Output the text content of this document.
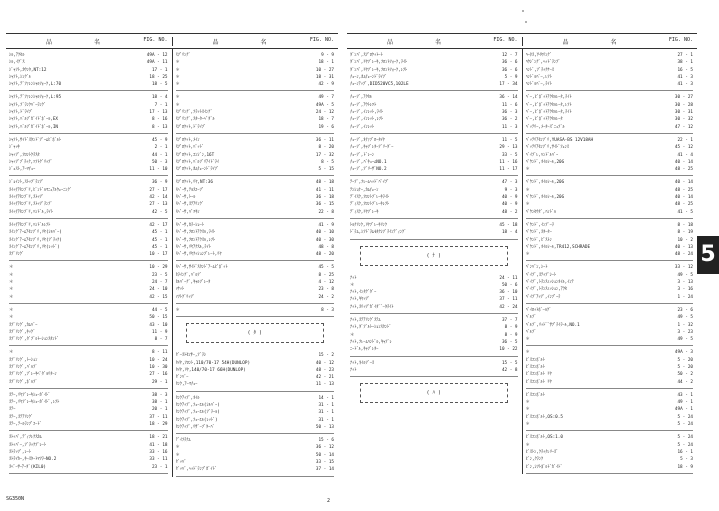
品　名	FIG. NO.	品　名	FIG. NO.
ｼﾙ,ｱｸｾﾙ	49A - 12
ｼﾙ,ｲｸﾞｽ	49A - 11
ｼﾞｬﾌﾄ,ｶｳﾝﾀ,NT:12	17 - 1
ｼｬﾌﾄ,ｼﾝｸﾞﾙ	18 - 25
ｼｬﾌﾄ,ﾃﾞﾌｧﾚﾝｼｬﾙﾌｫｰｸ,L:70	18 - 5
ｼｬﾌﾄ,ﾃﾞﾌｧﾚﾝｼｬﾙﾌｫｰｸ,L:95	18 - 4
ｼｬﾌﾄ,ﾌﾞﾗﾝｸﾊﾞｰﾗﾝｸﾞ	7 - 1
ｼｬﾌﾄ,ﾄﾞﾗｲﾌﾞ	17 - 13
ｼｬﾌﾄ,ﾊﾞﾙﾌﾞｶﾞｲﾄﾞﾎﾞｰﾙ,EX	8 - 16
ｼｬﾌﾄ,ﾊﾞﾙﾌﾞｶﾞｲﾄﾞﾎﾞｰﾙ,IN	8 - 13
ｼｬﾌﾄ,ｻｲﾄﾞｽﾀﾝﾄﾞﾌﾟｰﾑﾋﾞﾎﾞﾙﾄ	45 - 9
ｼﾞｬｯｷ	2 - 1
ｼｬｯﾌﾟ,ﾌﾛﾝﾄｸﾗｽﾀ	44 - 1
ｼｬｯﾌﾟﾌﾞﾗｯｸ,ｿﾌﾄｸﾞﾘｯﾌﾟ	50 - 3
ｼﾞｪｽﾄ,ｱｰﾏﾁｭｰ	11 - 10
ｼﾞｮｲﾝﾄ,ｽﾄｯﾌﾟﾗﾝﾌﾟ	36 - 9
ｽｲｯﾁｱｾﾝﾌﾞﾘ,ﾋﾞﾝﾄﾞﾙﾏﾆｭｱﾙｳｪｰﾆﾝｸﾞ	27 - 17
ｽｲｯﾁｱｾﾝﾌﾞﾘ,ｽﾄｯﾌﾟ	42 - 14
ｽｲｯﾁｱｾﾝﾌﾞﾘ,ｽﾄｯﾌﾟﾗﾝﾌﾟ	27 - 13
ｽｲｯﾁｱｾﾝﾌﾞﾘ,ﾊﾝﾄﾞﾙ,ﾗｲﾄ	42 - 5
ｽｲｯﾁｱｾﾝﾌﾞﾘ,ﾊﾝﾄﾞﾙﾚﾌﾄ	42 - 17
ｽｲﾝｸﾞｱｰﾑｱｾﾝﾌﾞﾘ,ﾘﾔ(ｼﾙﾊﾞｰ)	45 - 1
ｽｲﾝｸﾞｱｰﾑｱｾﾝﾌﾞﾘ,ﾘﾔ(ﾌﾞﾗｯｸ)	45 - 1
ｽｲﾝｸﾞｱｰﾑｱｾﾝﾌﾞﾘ,ﾘﾔ(ﾚｯﾄﾞ)	45 - 1
ｽﾌﾟﾘﾝｸﾞ	10 - 17
＊	10 - 29
＊	23 - 5
＊	24 - 7
＊	24 - 10
＊	42 - 15
＊	44 - 5
＊	50 - 15
ｽﾌﾟﾘﾝｸﾞ,ｶﾑﾊﾞｰ	43 - 10
ｽﾌﾟﾘﾝｸﾞ,ｷｯｸﾞ	11 - 9
ｽﾌﾟﾘﾝｸﾞ,ﾀﾞﾌﾞﾙﾄｰｼｮﾝｽﾀﾝﾄﾞ	8 - 7
＊	8 - 11
ｽﾌﾟﾘﾝｸﾞ,ﾄｰｼｮﾝ	10 - 24
ｽﾌﾟﾘﾝｸﾞ,ﾊﾞﾙﾌﾞ	10 - 30
ｽﾌﾟﾘﾝｸﾞ,ﾌﾞﾚｰｷﾍﾟﾀﾞﾙﾘﾀｰﾝ	27 - 16
ｽﾌﾟﾘﾝｸﾞ,ﾎﾞﾙﾌﾞ	29 - 1
ｽﾃｰ,ﾘﾔﾌﾞﾚｰｷｼｭｰｶﾞｲﾄﾞ	38 - 3
ｽﾃｰ,ﾘﾔﾌﾞﾚｰｷｼｭｰｶﾞｲﾄﾞ,ﾚﾌﾄ	38 - 1
ｽﾃｰ	20 - 1
ｽﾃｰ,ｽﾃｱﾘﾝｸﾞ	37 - 11
ｽﾃｰ,ﾃｰﾙﾗﾝﾌﾟｺｰﾄﾞ	18 - 29
ｽﾄｯﾊﾟ,ﾃﾞｨﾌﾚｸｽｶﾑ	18 - 21
ｽﾄｯﾊﾟｰ,ﾌﾞﾗｯｸﾌﾟﾚｰﾄ	41 - 18
ｽﾄﾗｯﾌﾟ,ﾚｰﾄ	33 - 16
ｽﾄﾗｲｶｰ,ｷｰｽﾀｰﾄﾏﾌﾗｰNO.2	33 - 11
ｽﾍﾟｰｻｰｱｰﾀﾞ(KIL0)	23 - 1
ｽﾌﾟﾘﾝｸﾞ	9 - 9
＊	18 - 1
＊	10 - 27
＊	18 - 31
＊	42 - 9
＊	49 - 7
＊	49A - 5
ｽﾌﾟﾘﾝｸﾞ,ﾌﾗｯﾄｽｲﾝｸﾞ	24 - 12
ｽﾌﾟﾘﾝｸﾞ,ｽﾀｰﾀｰﾍﾟﾀﾞﾙ	18 - 7
ｽﾌﾟﾛｹｯﾄ,ﾄﾞﾗｲﾌﾞ	19 - 6
ｽﾌﾟﾛｹｯﾄ,ﾒｲﾝ	36 - 11
ｽﾌﾟﾛｹｯﾄ,ﾊﾟｯﾄﾞ	8 - 20
ｽﾌﾟﾛｹｯﾄ,ｴﾝｼﾞﾝ,16T	17 - 32
ｽﾌﾟﾛｹｯﾄ,ﾊﾞﾙﾌﾞﾘｱｲﾄﾞﾗｲ	8 - 5
ｽﾌﾟﾛｹｯﾄ,ｶﾑﾁｪｰﾝﾄﾞﾗｲﾌﾞ	5 - 15
ｽﾌﾟﾛｹｯﾄ,ﾘﾔ,NT:36	48 - 18
ｽﾍﾟｰｻ,ﾃﾙｽｺｰﾌﾟ	41 - 11
ｽﾍﾟｰｻ,ﾄｰﾙ	36 - 18
ｽﾍﾟｰｻ,ｽﾃｱﾘﾝｸﾞ	36 - 15
ｽﾍﾟｰｻ,ﾊﾟﾂｷﾝ	22 - 8
ｽﾍﾟｰｻ,ｶﾗｰｼｮｰﾄ	41 - 9
ｽﾍﾟｰｻ,ﾌﾛﾝﾄｱｸｽﾙ,ﾗｲﾄ	40 - 10
ｽﾍﾟｰｻ,ﾌﾛﾝﾄｱｸｽﾙ,ﾚﾌﾄ	40 - 30
ｽﾍﾟｰｻ,ﾘﾔｱｸｽﾙ,ﾗｲﾄ	48 - 8
ｽﾍﾟｰｻ,ﾘﾔｸｯｼｮﾝﾌﾟﾚｰﾄ,ﾘﾔ	48 - 20
ｽﾍﾟｰｻ,ｻｲﾄﾞｽﾀﾝﾄﾞｱｰﾑﾋﾟﾎﾞｯﾄ	45 - 5
ｾﾗｲﾝｸﾞ,ﾊﾟﾙﾌﾞ	8 - 25
ｾﾙﾊﾟｰｸﾞ,ｷｬﾙﾌﾞﾚｰﾀ	4 - 12
ｿｹｯﾄ	23 - 8
ｿﾌﾄｸﾞﾘｯﾌﾟ	24 - 2
＊	8 - 3
( ﾀ )
ﾀﾞｰｽﾄｾﾝｻｰ,ﾌﾞﾗｼ	15 - 2
ﾀｲﾔ,ﾌﾛﾝﾄ,110/70-17 54H(DUNLOP)	40 - 12
ﾀｲﾔ,ﾘﾔ,140/70-17 66H(DUNLOP)	48 - 23
ﾀﾞﾝﾊﾟｰ	42 - 21
ﾀﾝｸ,ｱｰﾏﾁｭｰ	11 - 13
ﾀﾝｸｱｯﾌﾟ,ｵｲﾙ	14 - 1
ﾀﾝｸｱｯﾌﾟ,ﾌｭｰｴﾙ(ｼﾙﾊﾞｰ)	31 - 1
ﾀﾝｸｱｯﾌﾟ,ﾌｭｰｴﾙ(ﾌﾞﾗｰﾙ)	31 - 1
ﾀﾝｸｱｯﾌﾟ,ﾌｭｰｴﾙ(ﾚｯﾄﾞ)	31 - 1
ﾀﾝｸｱｯﾌﾟ,ﾘｻﾞｰﾌﾞﾀｰﾊﾞ	50 - 13
ﾃﾞｲﾌﾗｸﾑ	15 - 6
＊	36 - 12
＊	50 - 14
ﾀﾞｯﾊﾟ	33 - 15
ﾀﾞｯﾊﾟ,ﾍｯﾄﾞﾗﾝﾌﾟｶﾞｲﾄﾞ	37 - 14
品　名	FIG. NO.	品　名	FIG. NO.
ﾀﾞﾝﾊﾟ,ｽﾌﾟﾛｹｯﾄｰﾄ	12 - 7
ﾀﾞﾝﾊﾟ,ﾘﾔﾌﾞﾚｰｷ,ﾌﾛﾝﾄﾌｫｰｸ,ﾗｲﾄ	36 - 6
ﾀﾞﾝﾊﾟ,ﾘﾔﾌﾞﾚｰｷ,ﾌﾛﾝﾄﾌｫｰｸ,ﾚﾌﾄ	36 - 6
ﾁｪｰﾝ,ｶﾑﾁｪｰﾝﾄﾞﾗｲﾌﾞ	5 - 9
ﾁｪｰﾝｱｯﾌﾟ,DID520VC5,102LE	17 - 34
ﾁｭｰﾌﾞ,ｱｸｾﾙ	36 - 14
ﾁｭｰﾌﾞ,ｱｳﾄﾚﾂﾄ	11 - 6
ﾁｭｰﾌﾞ,ｲﾝﾚｯﾄ,ﾗｲﾄ	36 - 3
ﾁｭｰﾌﾞ,ｲﾝﾚｯﾄ,ﾚﾌﾄ	36 - 2
ﾁｭｰﾌﾞ,ｲﾝﾚｯﾄ	11 - 3
ﾁｭｰﾌﾞ,ｵﾁｧﾌﾞﾛｰﾀｲﾔ	11 - 5
ﾁｭｰﾌﾞ,ｷｬﾌﾞﾚﾀｰﾌﾞﾘｰﾀﾞｰ	29 - 13
ﾁｭｰﾌﾞ,ﾄﾞﾚｰﾝ	33 - 5
ﾁｭｰﾌﾞ,ﾊﾞｷｭｰﾑNO.1	11 - 16
ﾁｭｰﾌﾞ,ﾌﾞﾘｰｻﾞNO.2	11 - 17
ﾃｰﾌﾟ,ﾌﾚｰﾑﾍｯﾄﾞﾊﾟｲﾌﾟ	47 - 3
ﾃﾝｼｮﾅｰ,ｶﾑﾁｪｰﾝ	9 - 3
ﾃﾞｲｽｸ,ﾌﾛﾝﾄﾌﾞﾚｰｷﾗｲﾄ	40 - 9
ﾃﾞｨｽｸ,ﾌﾛﾝﾄﾌﾞﾚｰｷﾚﾌﾄ	40 - 9
ﾃﾞｨｽｸ,ﾘﾔﾌﾞﾚｰｷ	48 - 2
ﾄﾙｸﾘﾝｸ,ﾘﾔﾌﾞﾚｰｷﾘﾝｸ	45 - 18
ﾄﾞﾗﾑ,ｼﾌﾄﾞﾗﾑﾓﾀｸｼﾌﾞﾗｲﾝﾃﾞｨﾝｸﾞ	18 - 4
( ﾅ )
ﾅｯﾄ	24 - 11
＊	50 - 6
ﾅｯﾄ,ｲﾝﾀｸﾞﾀﾞｰ	36 - 10
ﾅｯﾄ,ｷﾔｯﾌﾟ	37 - 11
ﾅｯﾄ,ｽﾘｯﾌﾟｶﾞｲﾀﾞﾞｰﾀﾗｲﾄ	42 - 24
ﾅｯﾄ,ｽﾃｱﾘﾝｸﾞｽﾃﾑ	37 - 7
ﾅｯﾄ,ﾀﾞﾌﾞﾙﾄｰｼｮﾝｽﾀﾝﾄﾞ	8 - 9
＊	8 - 9
ﾅｯﾄ,ﾌﾚｰﾑﾊﾝﾄﾞﾙ,ｷｬﾌﾞﾚ	36 - 5
ﾆｰﾄﾞﾙ,ｷｬﾌﾞﾚﾀｰ	10 - 22
ﾅｯﾄ,ﾈｲﾙﾌﾞｰｽ	15 - 5
ﾅｯﾄ	42 - 8
( ﾊ )
ﾊｰﾈｽ,ﾜｲﾔﾘﾝｸﾞ	27 - 1
ﾊｳｼﾞﾝｸﾞ,ﾍｯﾄﾞﾗﾝﾌﾟ	38 - 1
ﾊﾝﾄﾞ,ﾌﾞﾗｯｸｹｰｽ	16 - 5
ﾊﾝﾄﾞﾙﾊﾞｰ,ﾚﾌﾄ	41 - 3
ﾊﾝﾄﾞﾙﾊﾞｰ,ﾗｲﾄ	41 - 3
ﾊﾞｰ,ﾋﾞﾎﾞｯﾄｱｸｾﾙﾚｰﾀ,ﾗｲﾄ	30 - 27
ﾊﾞｰ,ﾋﾞﾎﾞｯﾄｱｸｾﾙﾚｰﾀ,ﾚﾌﾄ	30 - 28
ﾊﾞｰ,ﾋﾞﾎﾞｯﾄｱｸｾﾙﾚｰﾀ,ﾗｲﾄ	30 - 31
ﾊﾞｰ,ﾋﾞﾎﾞｯﾄｱｸｾﾙﾚｰﾀ	30 - 32
ﾊﾞｯﾃﾘｰ,ﾒｰﾀｰｽﾞﾆｭﾌﾞﾙ	47 - 12
ﾊﾞｯﾃﾘｱｾﾝﾌﾞﾘ,YUASA-BS 12V18AH	22 - 1
ﾊﾞｯﾃﾘｱｾﾝﾌﾞﾘ,ｻｲﾄﾞﾌｪﾝｽ	45 - 12
ﾊﾞｲﾌﾞﾚ,ﾊﾝﾄﾞﾙﾊﾞｰ	41 - 4
ﾊﾟｳﾝﾄﾞ,ｵｲﾙｼｰﾙ,20G	40 - 14
＊	48 - 25
ﾊﾟｳﾝﾄﾞ,ｵｲﾙｼｰﾙ,20G	40 - 14
＊	48 - 25
ﾊﾟｳﾝﾄﾞ,ｵｲﾙｼｰﾙ,20G	40 - 14
＊	48 - 25
ﾊﾟｳﾝｾｳﾀﾞ,ﾊﾝﾄﾞﾙ	41 - 5
ﾊﾟｳﾝﾄﾞ,ｲﾝﾌﾟｰﾗ	8 - 18
ﾊﾟｳﾝﾄﾞ,ｽﾀｰﾀｰ	8 - 19
ﾊﾟｳﾝﾄﾞ,ﾋﾟｽﾄﾝ	10 - 2
ﾊﾟｳﾝﾄﾞ,ｵｲﾙｼｰﾙ,TR412,SCHRADE	40 - 13
＊	48 - 24
ﾊﾟﾝﾊﾟﾝ,ｼｰﾄ	33 - 12
ﾊﾟｲﾌﾟ,ｽﾃｯﾌﾟｼｰﾄ	49 - 5
ﾊﾟｲﾌﾟ,ﾄﾗﾝｽﾐｯｼｮﾝｵｲﾙ,ｲﾝﾃ	3 - 13
ﾊﾟｲﾌﾟ,ﾄﾗﾝｽﾐｯｼｮﾝ,ｱｸｾ	3 - 16
ﾊﾟｲﾌﾟｱｯﾌﾟ,ｲﾝﾌﾟｰﾗ	1 - 24
ﾊﾟｲﾛｯﾄﾎﾞｰﾙｸﾞ	23 - 6
ﾊﾞﾙﾌﾞ	49 - 5
ﾊﾞﾙﾌﾞ,ﾘｯﾄﾞﾞｻﾌﾟﾗｲﾗｰﾙ,NO.1	1 - 32
ﾊﾞﾙﾌﾞ	3 - 23
＊	49 - 5
＊	49A - 3
ﾋﾞｽｺﾝﾎﾞﾙﾄ	5 - 20
ﾋﾞｽｺﾝﾎﾞﾙﾄ	5 - 20
ﾋﾞｽｺﾝﾎﾞﾙﾄ ﾘﾔ	50 - 2
ﾋﾞｽｺﾝﾎﾞﾙﾄ ﾘﾔ	44 - 2
ﾋﾞｽｺﾝﾎﾞﾙﾄ	43 - 1
＊	49 - 1
＊	49A - 1
ﾋﾞｽｺﾝﾎﾞﾙﾄ,OS:0.5	5 - 24
＊	5 - 24
ﾋﾞｽｺﾝﾎﾞﾙﾄ,OS:1.0	5 - 24
＊	5 - 24
ﾋﾞｽﾄﾝ,ｸﾗｯﾁﾚﾘｰｽﾞ	16 - 1
ﾋﾞﾝ,ｸﾗﾝｸ	5 - 3
ﾋﾞﾝ,ｼﾌﾄﾎﾞﾙﾄﾞｶﾞｲﾄﾞ	18 - 9
SG350N	2
5
